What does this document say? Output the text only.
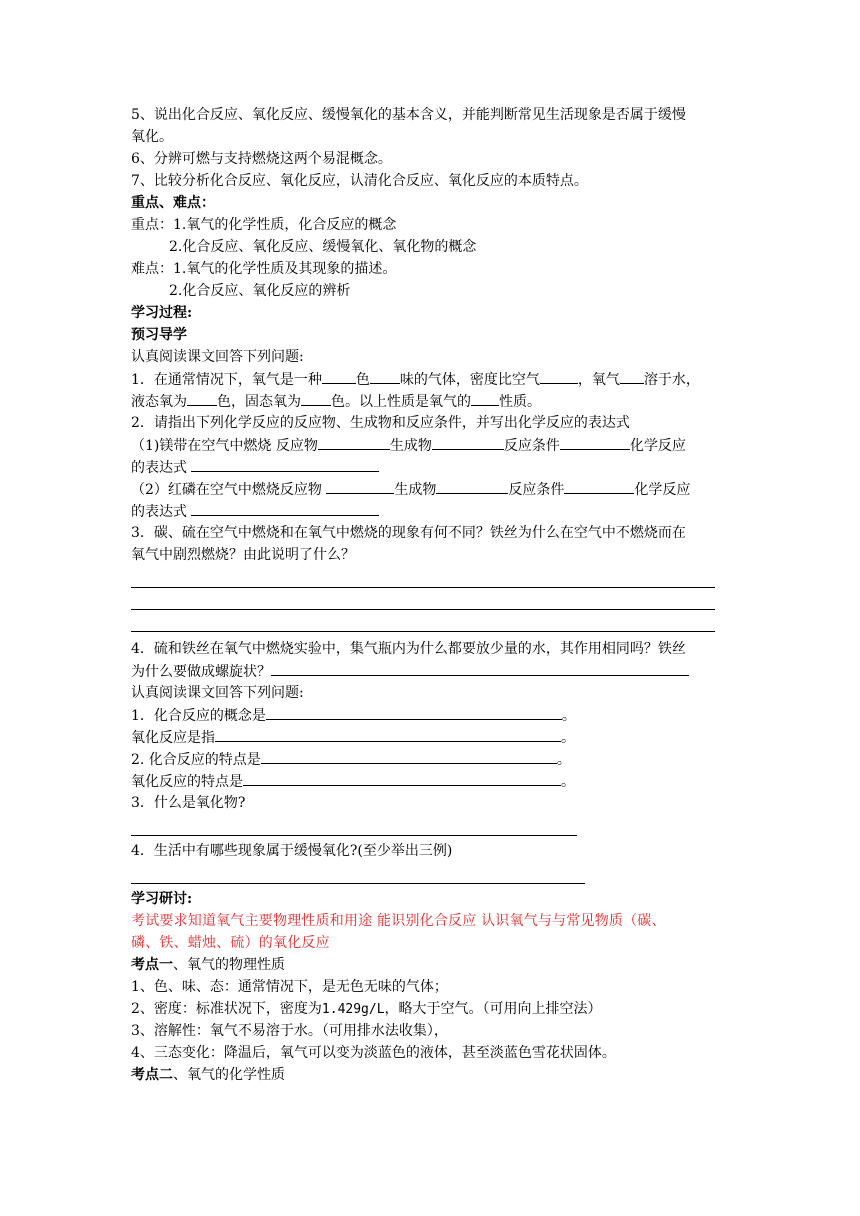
5、说出化合反应、氧化反应、缓慢氧化的基本含义，并能判断常见生活现象是否属于缓慢
氧化。
6、分辨可燃与支持燃烧这两个易混概念。
7、比较分析化合反应、氧化反应，认清化合反应、氧化反应的本质特点。
重点、难点：
重点：1.氧气的化学性质，化合反应的概念
2.化合反应、氧化反应、缓慢氧化、氧化物的概念
难点：1.氧气的化学性质及其现象的描述。
2.化合反应、氧化反应的辨析
学习过程:
预习导学
认真阅读课文回答下列问题:
1．在通常情况下，氧气是一种 色 味的气体，密度比空气	，氧气 溶于水，
液态氧为 色，固态氧为 色。以上性质是氧气的 性质。
2．请指出下列化学反应的反应物、生成物和反应条件，并写出化学反应的表达式
（1)镁带在空气中燃烧 反应物	生成物	反应条件	化学反应
的表达式
（2）红磷在空气中燃烧反应物	生成物	反应条件	化学反应
的表达式
3．碳、硫在空气中燃烧和在氧气中燃烧的现象有何不同？铁丝为什么在空气中不燃烧而在
氧气中剧烈燃烧？由此说明了什么？
4．硫和铁丝在氧气中燃烧实验中，集气瓶内为什么都要放少量的水，其作用相同吗？铁丝
为什么要做成螺旋状？
认真阅读课文回答下列问题:
1．化合反应的概念是	。
氧化反应是指	。
2. 化合反应的特点是	。
氧化反应的特点是	。
3．什么是氧化物?
4．生活中有哪些现象属于缓慢氧化?(至少举出三例)
学习研讨:
考试要求知道氧气主要物理性质和用途 能识别化合反应 认识氧气与与常见物质（碳、
磷、铁、蜡烛、硫）的氧化反应
考点一、氧气的物理性质
1、色、味、态：通常情况下，是无色无味的气体；
2、密度：标准状况下，密度为1.429g/L，略大于空气。（可用向上排空法）
3、溶解性：氧气不易溶于水。（可用排水法收集），
4、三态变化：降温后，氧气可以变为淡蓝色的液体，甚至淡蓝色雪花状固体。
考点二、氧气的化学性质
